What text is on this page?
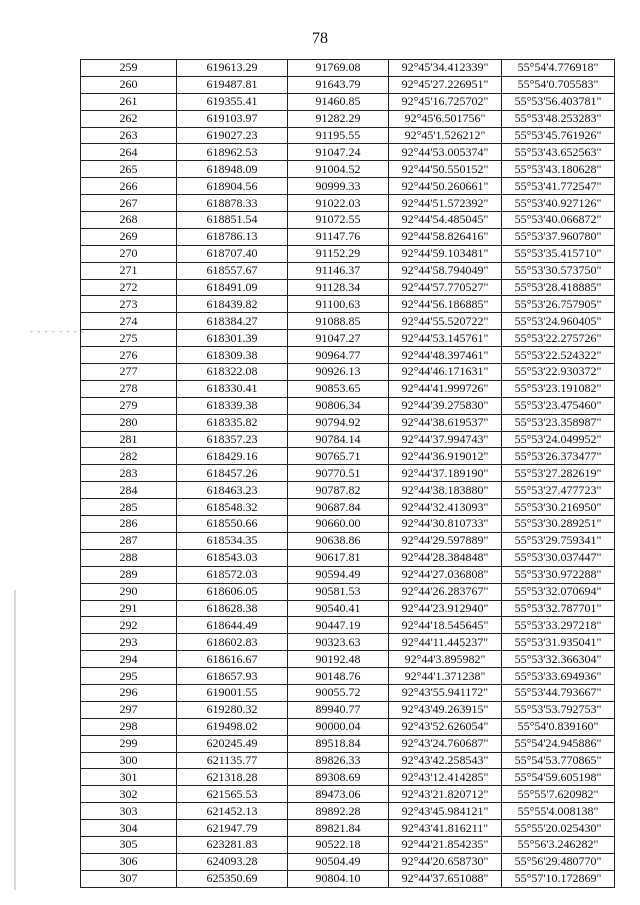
78
- - - - - - - -
259	619613.29	91769.08	92°45'34.412339"	55°54'4.776918"
260	619487.81	91643.79	92°45'27.226951"	55°54'0.705583"
261	619355.41	91460.85	92°45'16.725702"	55°53'56.403781"
262	619103.97	91282.29	92°45'6.501756"	55°53'48.253283"
263	619027.23	91195.55	92°45'1.526212"	55°53'45.761926"
264	618962.53	91047.24	92°44'53.005374"	55°53'43.652563"
265	618948.09	91004.52	92°44'50.550152"	55°53'43.180628"
266	618904.56	90999.33	92°44'50.260661"	55°53'41.772547"
267	618878.33	91022.03	92°44'51.572392"	55°53'40.927126"
268	618851.54	91072.55	92°44'54.485045"	55°53'40.066872"
269	618786.13	91147.76	92°44'58.826416"	55°53'37.960780"
270	618707.40	91152.29	92°44'59.103481"	55°53'35.415710"
271	618557.67	91146.37	92°44'58.794049"	55°53'30.573750"
272	618491.09	91128.34	92°44'57.770527"	55°53'28.418885"
273	618439.82	91100.63	92°44'56.186885"	55°53'26.757905"
274	618384.27	91088.85	92°44'55.520722"	55°53'24.960405"
275	618301.39	91047.27	92°44'53.145761"	55°53'22.275726"
276	618309.38	90964.77	92°44'48.397461"	55°53'22.524322"
277	618322.08	90926.13	92°44'46.171631"	55°53'22.930372"
278	618330.41	90853.65	92°44'41.999726"	55°53'23.191082"
279	618339.38	90806.34	92°44'39.275830"	55°53'23.475460"
280	618335.82	90794.92	92°44'38.619537"	55°53'23.358987"
281	618357.23	90784.14	92°44'37.994743"	55°53'24.049952"
282	618429.16	90765.71	92°44'36.919012"	55°53'26.373477"
283	618457.26	90770.51	92°44'37.189190"	55°53'27.282619"
284	618463.23	90787.82	92°44'38.183880"	55°53'27.477723"
285	618548.32	90687.84	92°44'32.413093"	55°53'30.216950"
286	618550.66	90660.00	92°44'30.810733"	55°53'30.289251"
287	618534.35	90638.86	92°44'29.597889"	55°53'29.759341"
288	618543.03	90617.81	92°44'28.384848"	55°53'30.037447"
289	618572.03	90594.49	92°44'27.036808"	55°53'30.972288"
290	618606.05	90581.53	92°44'26.283767"	55°53'32.070694"
291	618628.38	90540.41	92°44'23.912940"	55°53'32.787701"
292	618644.49	90447.19	92°44'18.545645"	55°53'33.297218"
293	618602.83	90323.63	92°44'11.445237"	55°53'31.935041"
294	618616.67	90192.48	92°44'3.895982"	55°53'32.366304"
295	618657.93	90148.76	92°44'1.371238"	55°53'33.694936"
296	619001.55	90055.72	92°43'55.941172"	55°53'44.793667"
297	619280.32	89940.77	92°43'49.263915"	55°53'53.792753"
298	619498.02	90000.04	92°43'52.626054"	55°54'0.839160"
299	620245.49	89518.84	92°43'24.760687"	55°54'24.945886"
300	621135.77	89826.33	92°43'42.258543"	55°54'53.770865"
301	621318.28	89308.69	92°43'12.414285"	55°54'59.605198"
302	621565.53	89473.06	92°43'21.820712"	55°55'7.620982"
303	621452.13	89892.28	92°43'45.984121"	55°55'4.008138"
304	621947.79	89821.84	92°43'41.816211"	55°55'20.025430"
305	623281.83	90522.18	92°44'21.854235"	55°56'3.246282"
306	624093.28	90504.49	92°44'20.658730"	55°56'29.480770"
307	625350.69	90804.10	92°44'37.651088"	55°57'10.172869"
